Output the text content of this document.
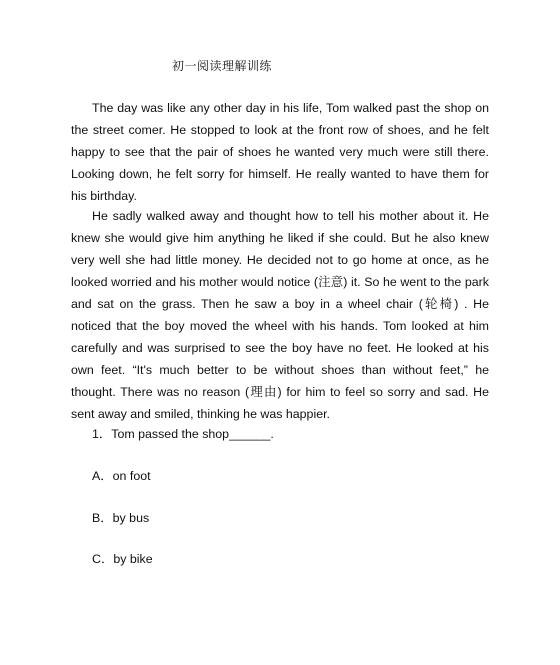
初一阅读理解训练

The day was like any other day in his life, Tom walked past the shop on the street comer. He stopped to look at the front row of shoes, and he felt happy to see that the pair of shoes he wanted very much were still there. Looking down, he felt sorry for himself. He really wanted to have them for his birthday.

He sadly walked away and thought how to tell his mother about it. He knew she would give him anything he liked if she could. But he also knew very well she had little money. He decided not to go home at once, as he looked worried and his mother would notice (注意) it. So he went to the park and sat on the grass. Then he saw a boy in a wheel chair (轮椅) . He noticed that the boy moved the wheel with his hands. Tom looked at him carefully and was surprised to see the boy have no feet. He looked at his own feet. “It's much better to be without shoes than without feet,” he thought. There was no reason (理由) for him to feel so sorry and sad. He sent away and smiled, thinking he was happier.

1．Tom passed the shop______.
A．on foot
B．by bus
C．by bike
